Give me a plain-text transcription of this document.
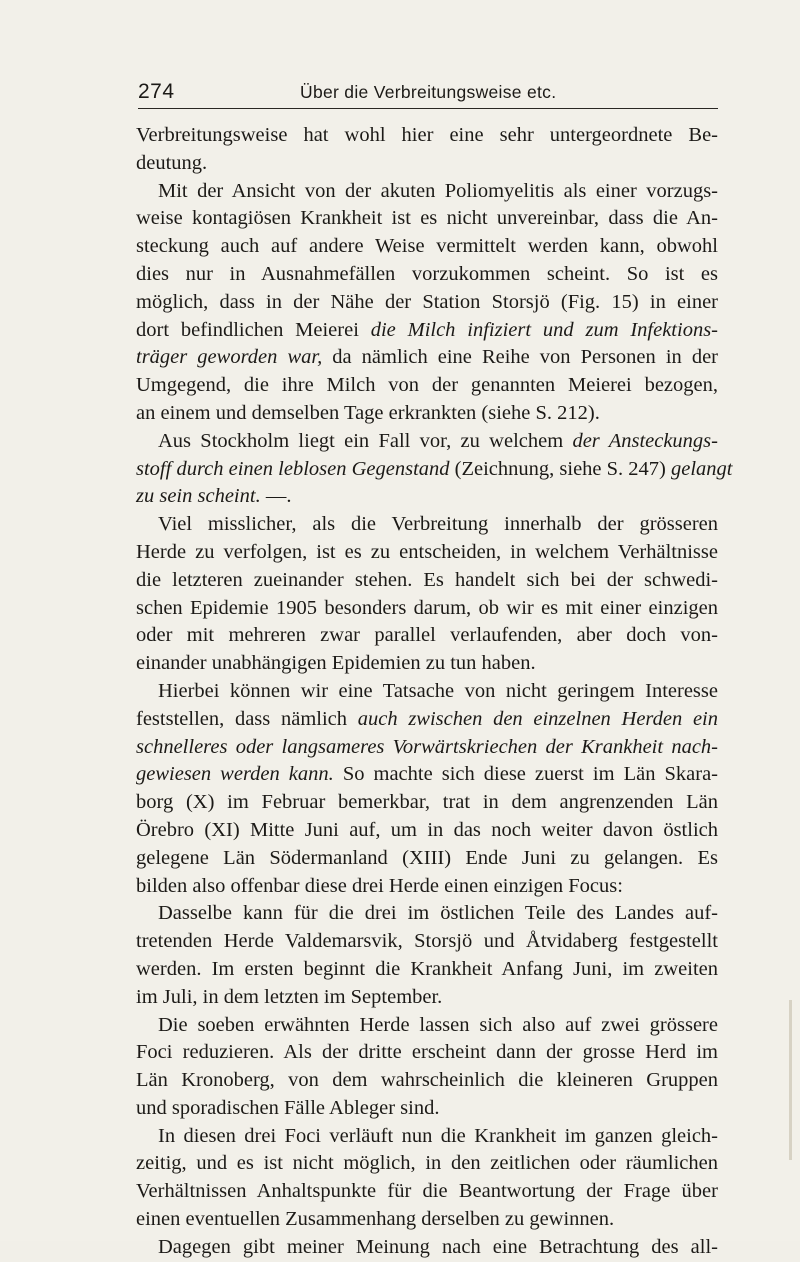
274	Über die Verbreitungsweise etc.
Verbreitungsweise hat wohl hier eine sehr untergeordnete Be-
deutung.
Mit der Ansicht von der akuten Poliomyelitis als einer vorzugs-
weise kontagiösen Krankheit ist es nicht unvereinbar, dass die An-
steckung auch auf andere Weise vermittelt werden kann, obwohl
dies nur in Ausnahmefällen vorzukommen scheint. So ist es
möglich, dass in der Nähe der Station Storsjö (Fig. 15) in einer
dort befindlichen Meierei die Milch infiziert und zum Infektions-
träger geworden war, da nämlich eine Reihe von Personen in der
Umgegend, die ihre Milch von der genannten Meierei bezogen,
an einem und demselben Tage erkrankten (siehe S. 212).
Aus Stockholm liegt ein Fall vor, zu welchem der Ansteckungs-
stoff durch einen leblosen Gegenstand (Zeichnung, siehe S. 247) gelangt
zu sein scheint. —.
Viel misslicher, als die Verbreitung innerhalb der grösseren
Herde zu verfolgen, ist es zu entscheiden, in welchem Verhältnisse
die letzteren zueinander stehen. Es handelt sich bei der schwedi-
schen Epidemie 1905 besonders darum, ob wir es mit einer einzigen
oder mit mehreren zwar parallel verlaufenden, aber doch von-
einander unabhängigen Epidemien zu tun haben.
Hierbei können wir eine Tatsache von nicht geringem Interesse
feststellen, dass nämlich auch zwischen den einzelnen Herden ein
schnelleres oder langsameres Vorwärtskriechen der Krankheit nach-
gewiesen werden kann. So machte sich diese zuerst im Län Skara-
borg (X) im Februar bemerkbar, trat in dem angrenzenden Län
Örebro (XI) Mitte Juni auf, um in das noch weiter davon östlich
gelegene Län Södermanland (XIII) Ende Juni zu gelangen. Es
bilden also offenbar diese drei Herde einen einzigen Focus:
Dasselbe kann für die drei im östlichen Teile des Landes auf-
tretenden Herde Valdemarsvik, Storsjö und Åtvidaberg festgestellt
werden. Im ersten beginnt die Krankheit Anfang Juni, im zweiten
im Juli, in dem letzten im September.
Die soeben erwähnten Herde lassen sich also auf zwei grössere
Foci reduzieren. Als der dritte erscheint dann der grosse Herd im
Län Kronoberg, von dem wahrscheinlich die kleineren Gruppen
und sporadischen Fälle Ableger sind.
In diesen drei Foci verläuft nun die Krankheit im ganzen gleich-
zeitig, und es ist nicht möglich, in den zeitlichen oder räumlichen
Verhältnissen Anhaltspunkte für die Beantwortung der Frage über
einen eventuellen Zusammenhang derselben zu gewinnen.
Dagegen gibt meiner Meinung nach eine Betrachtung des all-
